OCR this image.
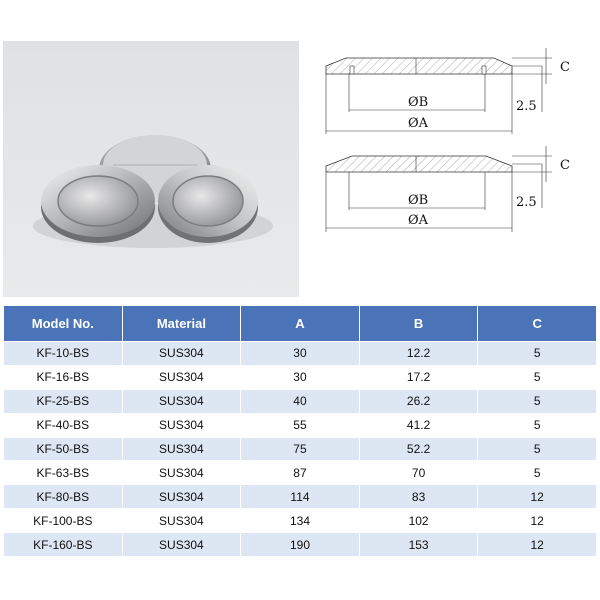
ØB
ØA
C
2.5
ØB
ØA
C
2.5
Model No.	Material	A	B	C
KF-10-BS	SUS304	30	12.2	5
KF-16-BS	SUS304	30	17.2	5
KF-25-BS	SUS304	40	26.2	5
KF-40-BS	SUS304	55	41.2	5
KF-50-BS	SUS304	75	52.2	5
KF-63-BS	SUS304	87	70	5
KF-80-BS	SUS304	114	83	12
KF-100-BS	SUS304	134	102	12
KF-160-BS	SUS304	190	153	12
